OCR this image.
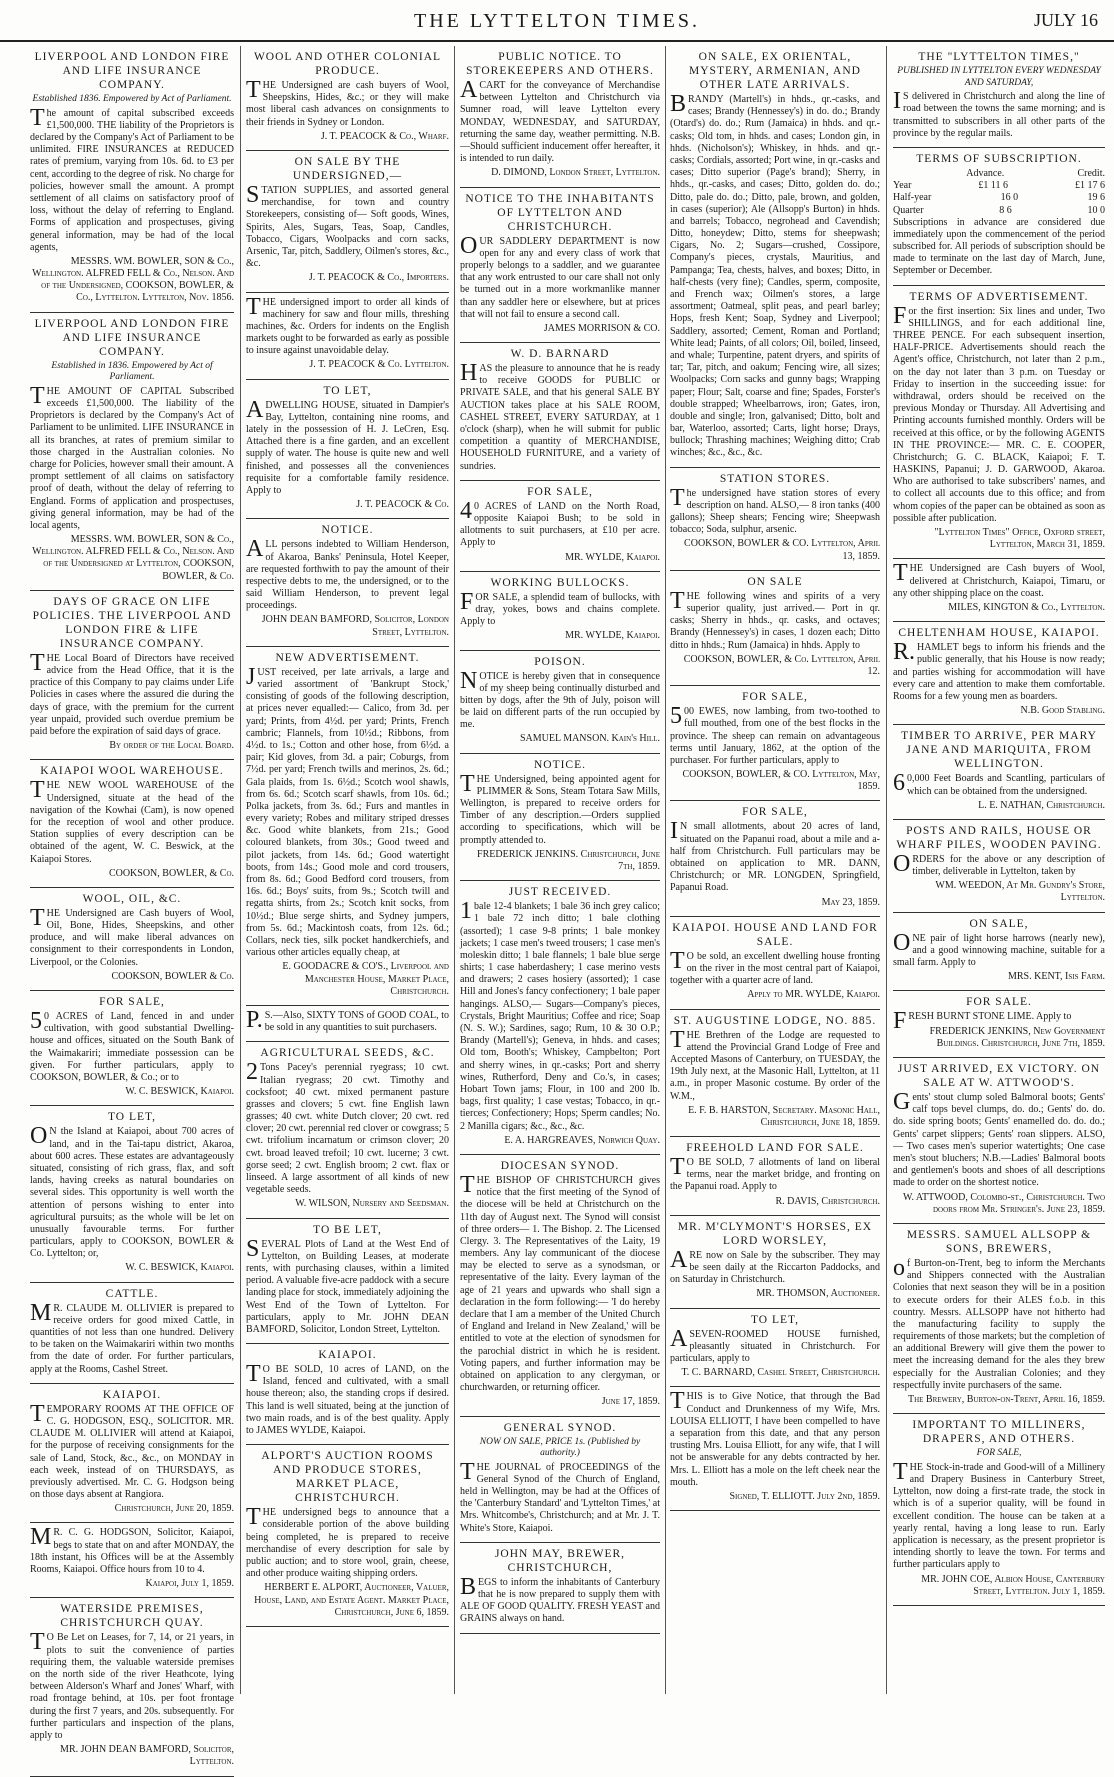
THE LYTTELTON TIMES.	JULY 16

LIVERPOOL AND LONDON FIRE AND LIFE INSURANCE COMPANY.

Established 1836. Empowered by Act of Parliament.

The amount of capital subscribed exceeds £1,500,000. THE liability of the Proprietors is declared by the Company's Act of Parliament to be unlimited. FIRE INSURANCES at REDUCED rates of premium, varying from 10s. 6d. to £3 per cent, according to the degree of risk. No charge for policies, however small the amount. A prompt settlement of all claims on satisfactory proof of loss, without the delay of referring to England. Forms of application and prospectuses, giving general information, may be had of the local agents,

MESSRS. WM. BOWLER, SON & Co., Wellington. ALFRED FELL & Co., Nelson. And of the Undersigned, COOKSON, BOWLER, & Co., Lyttelton. Lyttelton, Nov. 1856.

LIVERPOOL AND LONDON FIRE AND LIFE INSURANCE COMPANY.

Established in 1836. Empowered by Act of Parliament.

THE AMOUNT OF CAPITAL Subscribed exceeds £1,500,000. The liability of the Proprietors is declared by the Company's Act of Parliament to be unlimited. LIFE INSURANCE in all its branches, at rates of premium similar to those charged in the Australian colonies. No charge for Policies, however small their amount. A prompt settlement of all claims on satisfactory proof of death, without the delay of referring to England. Forms of application and prospectuses, giving general information, may be had of the local agents,

MESSRS. WM. BOWLER, SON & Co., Wellington. ALFRED FELL & Co., Nelson. And of the Undersigned at Lyttelton, COOKSON, BOWLER, & Co.

DAYS OF GRACE ON LIFE POLICIES. THE LIVERPOOL AND LONDON FIRE & LIFE INSURANCE COMPANY.

THE Local Board of Directors have received advice from the Head Office, that it is the practice of this Company to pay claims under Life Policies in cases where the assured die during the days of grace, with the premium for the current year unpaid, provided such overdue premium be paid before the expiration of said days of grace.

By order of the Local Board.

KAIAPOI WOOL WAREHOUSE.

THE NEW WOOL WAREHOUSE of the Undersigned, situate at the head of the navigation of the Kowhai (Cam), is now opened for the reception of wool and other produce. Station supplies of every description can be obtained of the agent, W. C. Beswick, at the Kaiapoi Stores.

COOKSON, BOWLER, & Co.

WOOL, OIL, &C.

THE Undersigned are Cash buyers of Wool, Oil, Bone, Hides, Sheepskins, and other produce, and will make liberal advances on consignment to their correspondents in London, Liverpool, or the Colonies.

COOKSON, BOWLER & Co.

FOR SALE,

50 ACRES of Land, fenced in and under cultivation, with good substantial Dwelling-house and offices, situated on the South Bank of the Waimakariri; immediate possession can be given. For further particulars, apply to COOKSON, BOWLER, & Co.; or to

W. C. BESWICK, Kaiapoi.

TO LET,

ON the Island at Kaiapoi, about 700 acres of land, and in the Tai-tapu district, Akaroa, about 600 acres. These estates are advantageously situated, consisting of rich grass, flax, and soft lands, having creeks as natural boundaries on several sides. This opportunity is well worth the attention of persons wishing to enter into agricultural pursuits; as the whole will be let on unusually favourable terms. For further particulars, apply to COOKSON, BOWLER & Co. Lyttelton; or,

W. C. BESWICK, Kaiapoi.

CATTLE.

MR. CLAUDE M. OLLIVIER is prepared to receive orders for good mixed Cattle, in quantities of not less than one hundred. Delivery to be taken on the Waimakariri within two months from the date of order. For further particulars, apply at the Rooms, Cashel Street.

KAIAPOI.

TEMPORARY ROOMS AT THE OFFICE OF C. G. HODGSON, ESQ., SOLICITOR. MR. CLAUDE M. OLLIVIER will attend at Kaiapoi, for the purpose of receiving consignments for the sale of Land, Stock, &c., &c., on MONDAY in each week, instead of on THURSDAYS, as previously advertised. Mr. C. G. Hodgson being on those days absent at Rangiora.

Christchurch, June 20, 1859.

MR. C. G. HODGSON, Solicitor, Kaiapoi, begs to state that on and after MONDAY, the 18th instant, his Offices will be at the Assembly Rooms, Kaiapoi. Office hours from 10 to 4.

Kaiapoi, July 1, 1859.

WATERSIDE PREMISES, CHRISTCHURCH QUAY.

TO Be Let on Leases, for 7, 14, or 21 years, in plots to suit the convenience of parties requiring them, the valuable waterside premises on the north side of the river Heathcote, lying between Alderson's Wharf and Jones' Wharf, with road frontage behind, at 10s. per foot frontage during the first 7 years, and 20s. subsequently. For further particulars and inspection of the plans, apply to

MR. JOHN DEAN BAMFORD, Solicitor, Lyttelton.

WOOL AND OTHER COLONIAL PRODUCE.

THE Undersigned are cash buyers of Wool, Sheepskins, Hides, &c.; or they will make most liberal cash advances on consignments to their friends in Sydney or London.

J. T. PEACOCK & Co., Wharf.

ON SALE BY THE UNDERSIGNED,—

STATION SUPPLIES, and assorted general merchandise, for town and country Storekeepers, consisting of— Soft goods, Wines, Spirits, Ales, Sugars, Teas, Soap, Candles, Tobacco, Cigars, Woolpacks and corn sacks, Arsenic, Tar, pitch, Saddlery, Oilmen's stores, &c., &c.

J. T. PEACOCK & Co., Importers.

THE undersigned import to order all kinds of machinery for saw and flour mills, threshing machines, &c. Orders for indents on the English markets ought to be forwarded as early as possible to insure against unavoidable delay.

J. T. PEACOCK & Co. Lyttelton.

TO LET,

ADWELLING HOUSE, situated in Dampier's Bay, Lyttelton, containing nine rooms, and lately in the possession of H. J. LeCren, Esq. Attached there is a fine garden, and an excellent supply of water. The house is quite new and well finished, and possesses all the conveniences requisite for a comfortable family residence. Apply to

J. T. PEACOCK & Co.

NOTICE.

ALL persons indebted to William Henderson, of Akaroa, Banks' Peninsula, Hotel Keeper, are requested forthwith to pay the amount of their respective debts to me, the undersigned, or to the said William Henderson, to prevent legal proceedings.

JOHN DEAN BAMFORD, Solicitor, London Street, Lyttelton.

NEW ADVERTISEMENT.

JUST received, per late arrivals, a large and varied assortment of 'Bankrupt Stock,' consisting of goods of the following description, at prices never equalled:— Calico, from 3d. per yard; Prints, from 4½d. per yard; Prints, French cambric; Flannels, from 10½d.; Ribbons, from 4½d. to 1s.; Cotton and other hose, from 6½d. a pair; Kid gloves, from 3d. a pair; Coburgs, from 7½d. per yard; French twills and merinos, 2s. 6d.; Gala plaids, from 1s. 6½d.; Scotch wool shawls, from 6s. 6d.; Scotch scarf shawls, from 10s. 6d.; Polka jackets, from 3s. 6d.; Furs and mantles in every variety; Robes and military striped dresses &c. Good white blankets, from 21s.; Good coloured blankets, from 30s.; Good tweed and pilot jackets, from 14s. 6d.; Good watertight boots, from 14s.; Good mole and cord trousers, from 8s. 6d.; Good Bedford cord trousers, from 16s. 6d.; Boys' suits, from 9s.; Scotch twill and regatta shirts, from 2s.; Scotch knit socks, from 10½d.; Blue serge shirts, and Sydney jumpers, from 5s. 6d.; Mackintosh coats, from 12s. 6d.; Collars, neck ties, silk pocket handkerchiefs, and various other articles equally cheap, at

E. GOODACRE & CO'S., Liverpool and Manchester House, Market Place, Christchurch.

P.S.—Also, SIXTY TONS of GOOD COAL, to be sold in any quantities to suit purchasers.

AGRICULTURAL SEEDS, &C.

2Tons Pacey's perennial ryegrass; 10 cwt. Italian ryegrass; 20 cwt. Timothy and cocksfoot; 40 cwt. mixed permanent pasture grasses and clovers; 5 cwt. fine English lawn grasses; 40 cwt. white Dutch clover; 20 cwt. red clover; 20 cwt. perennial red clover or cowgrass; 5 cwt. trifolium incarnatum or crimson clover; 20 cwt. broad leaved trefoil; 10 cwt. lucerne; 3 cwt. gorse seed; 2 cwt. English broom; 2 cwt. flax or linseed. A large assortment of all kinds of new vegetable seeds.

W. WILSON, Nursery and Seedsman.

TO BE LET,

SEVERAL Plots of Land at the West End of Lyttelton, on Building Leases, at moderate rents, with purchasing clauses, within a limited period. A valuable five-acre paddock with a secure landing place for stock, immediately adjoining the West End of the Town of Lyttelton. For particulars, apply to Mr. JOHN DEAN BAMFORD, Solicitor, London Street, Lyttelton.

KAIAPOI.

TO BE SOLD, 10 acres of LAND, on the Island, fenced and cultivated, with a small house thereon; also, the standing crops if desired. This land is well situated, being at the junction of two main roads, and is of the best quality. Apply to JAMES WYLDE, Kaiapoi.

ALPORT'S AUCTION ROOMS AND PRODUCE STORES, MARKET PLACE, CHRISTCHURCH.

THE undersigned begs to announce that a considerable portion of the above building being completed, he is prepared to receive merchandise of every description for sale by public auction; and to store wool, grain, cheese, and other produce waiting shipping orders.

HERBERT E. ALPORT, Auctioneer, Valuer, House, Land, and Estate Agent. Market Place, Christchurch, June 6, 1859.

PUBLIC NOTICE. TO STOREKEEPERS AND OTHERS.

ACART for the conveyance of Merchandise between Lyttelton and Christchurch via Sumner road, will leave Lyttelton every MONDAY, WEDNESDAY, and SATURDAY, returning the same day, weather permitting. N.B.—Should sufficient inducement offer hereafter, it is intended to run daily.

D. DIMOND, London Street, Lyttelton.

NOTICE TO THE INHABITANTS OF LYTTELTON AND CHRISTCHURCH.

OUR SADDLERY DEPARTMENT is now open for any and every class of work that properly belongs to a saddler, and we guarantee that any work entrusted to our care shall not only be turned out in a more workmanlike manner than any saddler here or elsewhere, but at prices that will not fail to ensure a second call.

JAMES MORRISON & CO.

W. D. BARNARD

HAS the pleasure to announce that he is ready to receive GOODS for PUBLIC or PRIVATE SALE, and that his general SALE BY AUCTION takes place at his SALE ROOM, CASHEL STREET, EVERY SATURDAY, at 1 o'clock (sharp), when he will submit for public competition a quantity of MERCHANDISE, HOUSEHOLD FURNITURE, and a variety of sundries.

FOR SALE,

40 ACRES of LAND on the North Road, opposite Kaiapoi Bush; to be sold in allotments to suit purchasers, at £10 per acre. Apply to

MR. WYLDE, Kaiapoi.

WORKING BULLOCKS.

FOR SALE, a splendid team of bullocks, with dray, yokes, bows and chains complete. Apply to

MR. WYLDE, Kaiapoi.

POISON.

NOTICE is hereby given that in consequence of my sheep being continually disturbed and bitten by dogs, after the 9th of July, poison will be laid on different parts of the run occupied by me.

SAMUEL MANSON. Kain's Hill.

NOTICE.

THE Undersigned, being appointed agent for PLIMMER & Sons, Steam Totara Saw Mills, Wellington, is prepared to receive orders for Timber of any description.—Orders supplied according to specifications, which will be promptly attended to.

FREDERICK JENKINS. Christchurch, June 7th, 1859.

JUST RECEIVED.

1bale 12-4 blankets; 1 bale 36 inch grey calico; 1 bale 72 inch ditto; 1 bale clothing (assorted); 1 case 9-8 prints; 1 bale monkey jackets; 1 case men's tweed trousers; 1 case men's moleskin ditto; 1 bale flannels; 1 bale blue serge shirts; 1 case haberdashery; 1 case merino vests and drawers; 2 cases hosiery (assorted); 1 case Hill and Jones's fancy confectionery; 1 bale paper hangings. ALSO,— Sugars—Company's pieces, Crystals, Bright Mauritius; Coffee and rice; Soap (N. S. W.); Sardines, sago; Rum, 10 & 30 O.P.; Brandy (Martell's); Geneva, in hhds. and cases; Old tom, Booth's; Whiskey, Campbelton; Port and sherry wines, in qr.-casks; Port and sherry wines, Rutherford, Deny and Co.'s, in cases; Hobart Town jams; Flour, in 100 and 200 lb. bags, first quality; 1 case vestas; Tobacco, in qr.-tierces; Confectionery; Hops; Sperm candles; No. 2 Manilla cigars; &c., &c., &c.

E. A. HARGREAVES, Norwich Quay.

DIOCESAN SYNOD.

THE BISHOP OF CHRISTCHURCH gives notice that the first meeting of the Synod of the diocese will be held at Christchurch on the 11th day of August next. The Synod will consist of three orders— 1. The Bishop. 2. The Licensed Clergy. 3. The Representatives of the Laity, 19 members. Any lay communicant of the diocese may be elected to serve as a synodsman, or representative of the laity. Every layman of the age of 21 years and upwards who shall sign a declaration in the form following:— 'I do hereby declare that I am a member of the United Church of England and Ireland in New Zealand,' will be entitled to vote at the election of synodsmen for the parochial district in which he is resident. Voting papers, and further information may be obtained on application to any clergyman, or churchwarden, or returning officer.

June 17, 1859.

GENERAL SYNOD.

NOW ON SALE, PRICE 1s. (Published by authority.)

THE JOURNAL of PROCEEDINGS of the General Synod of the Church of England, held in Wellington, may be had at the Offices of the 'Canterbury Standard' and 'Lyttelton Times,' at Mrs. Whitcombe's, Christchurch; and at Mr. J. T. White's Store, Kaiapoi.

JOHN MAY, BREWER, CHRISTCHURCH,

BEGS to inform the inhabitants of Canterbury that he is now prepared to supply them with ALE OF GOOD QUALITY. FRESH YEAST and GRAINS always on hand.

ON SALE, EX ORIENTAL, MYSTERY, ARMENIAN, AND OTHER LATE ARRIVALS.

BRANDY (Martell's) in hhds., qr.-casks, and cases; Brandy (Hennessey's) in do. do.; Brandy (Otard's) do. do.; Rum (Jamaica) in hhds. and qr.-casks; Old tom, in hhds. and cases; London gin, in hhds. (Nicholson's); Whiskey, in hhds. and qr.-casks; Cordials, assorted; Port wine, in qr.-casks and cases; Ditto superior (Page's brand); Sherry, in hhds., qr.-casks, and cases; Ditto, golden do. do.; Ditto, pale do. do.; Ditto, pale, brown, and golden, in cases (superior); Ale (Allsopp's Burton) in hhds. and barrels; Tobacco, negrohead and Cavendish; Ditto, honeydew; Ditto, stems for sheepwash; Cigars, No. 2; Sugars—crushed, Cossipore, Company's pieces, crystals, Mauritius, and Pampanga; Tea, chests, halves, and boxes; Ditto, in half-chests (very fine); Candles, sperm, composite, and French wax; Oilmen's stores, a large assortment; Oatmeal, split peas, and pearl barley; Hops, fresh Kent; Soap, Sydney and Liverpool; Saddlery, assorted; Cement, Roman and Portland; White lead; Paints, of all colors; Oil, boiled, linseed, and whale; Turpentine, patent dryers, and spirits of tar; Tar, pitch, and oakum; Fencing wire, all sizes; Woolpacks; Corn sacks and gunny bags; Wrapping paper; Flour; Salt, coarse and fine; Spades, Forster's double strapped; Wheelbarrows, iron; Gates, iron, double and single; Iron, galvanised; Ditto, bolt and bar, Waterloo, assorted; Carts, light horse; Drays, bullock; Thrashing machines; Weighing ditto; Crab winches; &c., &c., &c.

STATION STORES.

The undersigned have station stores of every description on hand. ALSO,— 8 iron tanks (400 gallons); Sheep shears; Fencing wire; Sheepwash tobacco; Soda, sulphur, arsenic.

COOKSON, BOWLER & CO. Lyttelton, April 13, 1859.

ON SALE

THE following wines and spirits of a very superior quality, just arrived.— Port in qr. casks; Sherry in hhds., qr. casks, and octaves; Brandy (Hennessey's) in cases, 1 dozen each; Ditto ditto in hhds.; Rum (Jamaica) in hhds. Apply to

COOKSON, BOWLER, & Co. Lyttelton, April 12.

FOR SALE,

500 EWES, now lambing, from two-toothed to full mouthed, from one of the best flocks in the province. The sheep can remain on advantageous terms until January, 1862, at the option of the purchaser. For further particulars, apply to

COOKSON, BOWLER, & CO. Lyttelton, May, 1859.

FOR SALE,

IN small allotments, about 20 acres of land, situated on the Papanui road, about a mile and a-half from Christchurch. Full particulars may be obtained on application to MR. DANN, Christchurch; or MR. LONGDEN, Springfield, Papanui Road.

May 23, 1859.

KAIAPOI. HOUSE AND LAND FOR SALE.

TO be sold, an excellent dwelling house fronting on the river in the most central part of Kaiapoi, together with a quarter acre of land.

Apply to MR. WYLDE, Kaiapoi.

ST. AUGUSTINE LODGE, NO. 885.

THE Brethren of the Lodge are requested to attend the Provincial Grand Lodge of Free and Accepted Masons of Canterbury, on TUESDAY, the 19th July next, at the Masonic Hall, Lyttelton, at 11 a.m., in proper Masonic costume. By order of the W.M.,

E. F. B. HARSTON, Secretary. Masonic Hall, Christchurch, June 18, 1859.

FREEHOLD LAND FOR SALE.

TO BE SOLD, 7 allotments of land on liberal terms, near the market bridge, and fronting on the Papanui road. Apply to

R. DAVIS, Christchurch.

MR. M'CLYMONT'S HORSES, EX LORD WORSLEY,

ARE now on Sale by the subscriber. They may be seen daily at the Riccarton Paddocks, and on Saturday in Christchurch.

MR. THOMSON, Auctioneer.

TO LET,

ASEVEN-ROOMED HOUSE furnished, pleasantly situated in Christchurch. For particulars, apply to

T. C. BARNARD, Cashel Street, Christchurch.

THIS is to Give Notice, that through the Bad Conduct and Drunkenness of my Wife, Mrs. LOUISA ELLIOTT, I have been compelled to have a separation from this date, and that any person trusting Mrs. Louisa Elliott, for any wife, that I will not be answerable for any debts contracted by her. Mrs. L. Elliott has a mole on the left cheek near the mouth.

Signed, T. ELLIOTT. July 2nd, 1859.

THE "LYTTELTON TIMES,"

PUBLISHED IN LYTTELTON EVERY WEDNESDAY AND SATURDAY,

IS delivered in Christchurch and along the line of road between the towns the same morning; and is transmitted to subscribers in all other parts of the province by the regular mails.

TERMS OF SUBSCRIPTION.

Advance.	Credit.
Year	£1 11 6	£1 17 6
Half-year	16 0	19 6
Quarter	8 6	10 0

Subscriptions in advance are considered due immediately upon the commencement of the period subscribed for. All periods of subscription should be made to terminate on the last day of March, June, September or December.

TERMS OF ADVERTISEMENT.

For the first insertion: Six lines and under, Two SHILLINGS, and for each additional line, THREE PENCE. For each subsequent insertion, HALF-PRICE. Advertisements should reach the Agent's office, Christchurch, not later than 2 p.m., on the day not later than 3 p.m. on Tuesday or Friday to insertion in the succeeding issue: for withdrawal, orders should be received on the previous Monday or Thursday. All Advertising and Printing accounts furnished monthly. Orders will be received at this office, or by the following AGENTS IN THE PROVINCE:— MR. C. E. COOPER, Christchurch; G. C. BLACK, Kaiapoi; F. T. HASKINS, Papanui; J. D. GARWOOD, Akaroa. Who are authorised to take subscribers' names, and to collect all accounts due to this office; and from whom copies of the paper can be obtained as soon as possible after publication.

"Lyttelton Times" Office, Oxford street, Lyttelton, March 31, 1859.

THE Undersigned are Cash buyers of Wool, delivered at Christchurch, Kaiapoi, Timaru, or any other shipping place on the coast.

MILES, KINGTON & Co., Lyttelton.

CHELTENHAM HOUSE, KAIAPOI.

R.HAMLET begs to inform his friends and the public generally, that his House is now ready; and parties wishing for accommodation will have every care and attention to make them comfortable. Rooms for a few young men as boarders.

N.B. Good Stabling.

TIMBER TO ARRIVE, PER MARY JANE AND MARIQUITA, FROM WELLINGTON.

60,000 Feet Boards and Scantling, particulars of which can be obtained from the undersigned.

L. E. NATHAN, Christchurch.

POSTS AND RAILS, HOUSE OR WHARF PILES, WOODEN PAVING.

ORDERS for the above or any description of timber, deliverable in Lyttelton, taken by

WM. WEEDON, At Mr. Gundry's Store, Lyttelton.

ON SALE,

ONE pair of light horse harrows (nearly new), and a good winnowing machine, suitable for a small farm. Apply to

MRS. KENT, Isis Farm.

FOR SALE.

FRESH BURNT STONE LIME. Apply to

FREDERICK JENKINS, New Government Buildings. Christchurch, June 7th, 1859.

JUST ARRIVED, EX VICTORY. ON SALE AT W. ATTWOOD'S.

Gents' stout clump soled Balmoral boots; Gents' calf tops bevel clumps, do. do.; Gents' do. do. do. side spring boots; Gents' enamelled do. do. do.; Gents' carpet slippers; Gents' roan slippers. ALSO,— Two cases men's superior watertights; One case men's stout bluchers; N.B.—Ladies' Balmoral boots and gentlemen's boots and shoes of all descriptions made to order on the shortest notice.

W. ATTWOOD, Colombo-st., Christchurch. Two doors from Mr. Stringer's. June 23, 1859.

MESSRS. SAMUEL ALLSOPP & SONS, BREWERS,

of Burton-on-Trent, beg to inform the Merchants and Shippers connected with the Australian Colonies that next season they will be in a position to execute orders for their ALES f.o.b. in this country. Messrs. ALLSOPP have not hitherto had the manufacturing facility to supply the requirements of those markets; but the completion of an additional Brewery will give them the power to meet the increasing demand for the ales they brew especially for the Australian Colonies; and they respectfully invite purchasers of the same.

The Brewery, Burton-on-Trent, April 16, 1859.

IMPORTANT TO MILLINERS, DRAPERS, AND OTHERS.

FOR SALE,

THE Stock-in-trade and Good-will of a Millinery and Drapery Business in Canterbury Street, Lyttelton, now doing a first-rate trade, the stock in which is of a superior quality, will be found in excellent condition. The house can be taken at a yearly rental, having a long lease to run. Early application is necessary, as the present proprietor is intending shortly to leave the town. For terms and further particulars apply to

MR. JOHN COE, Albion House, Canterbury Street, Lyttelton. July 1, 1859.
